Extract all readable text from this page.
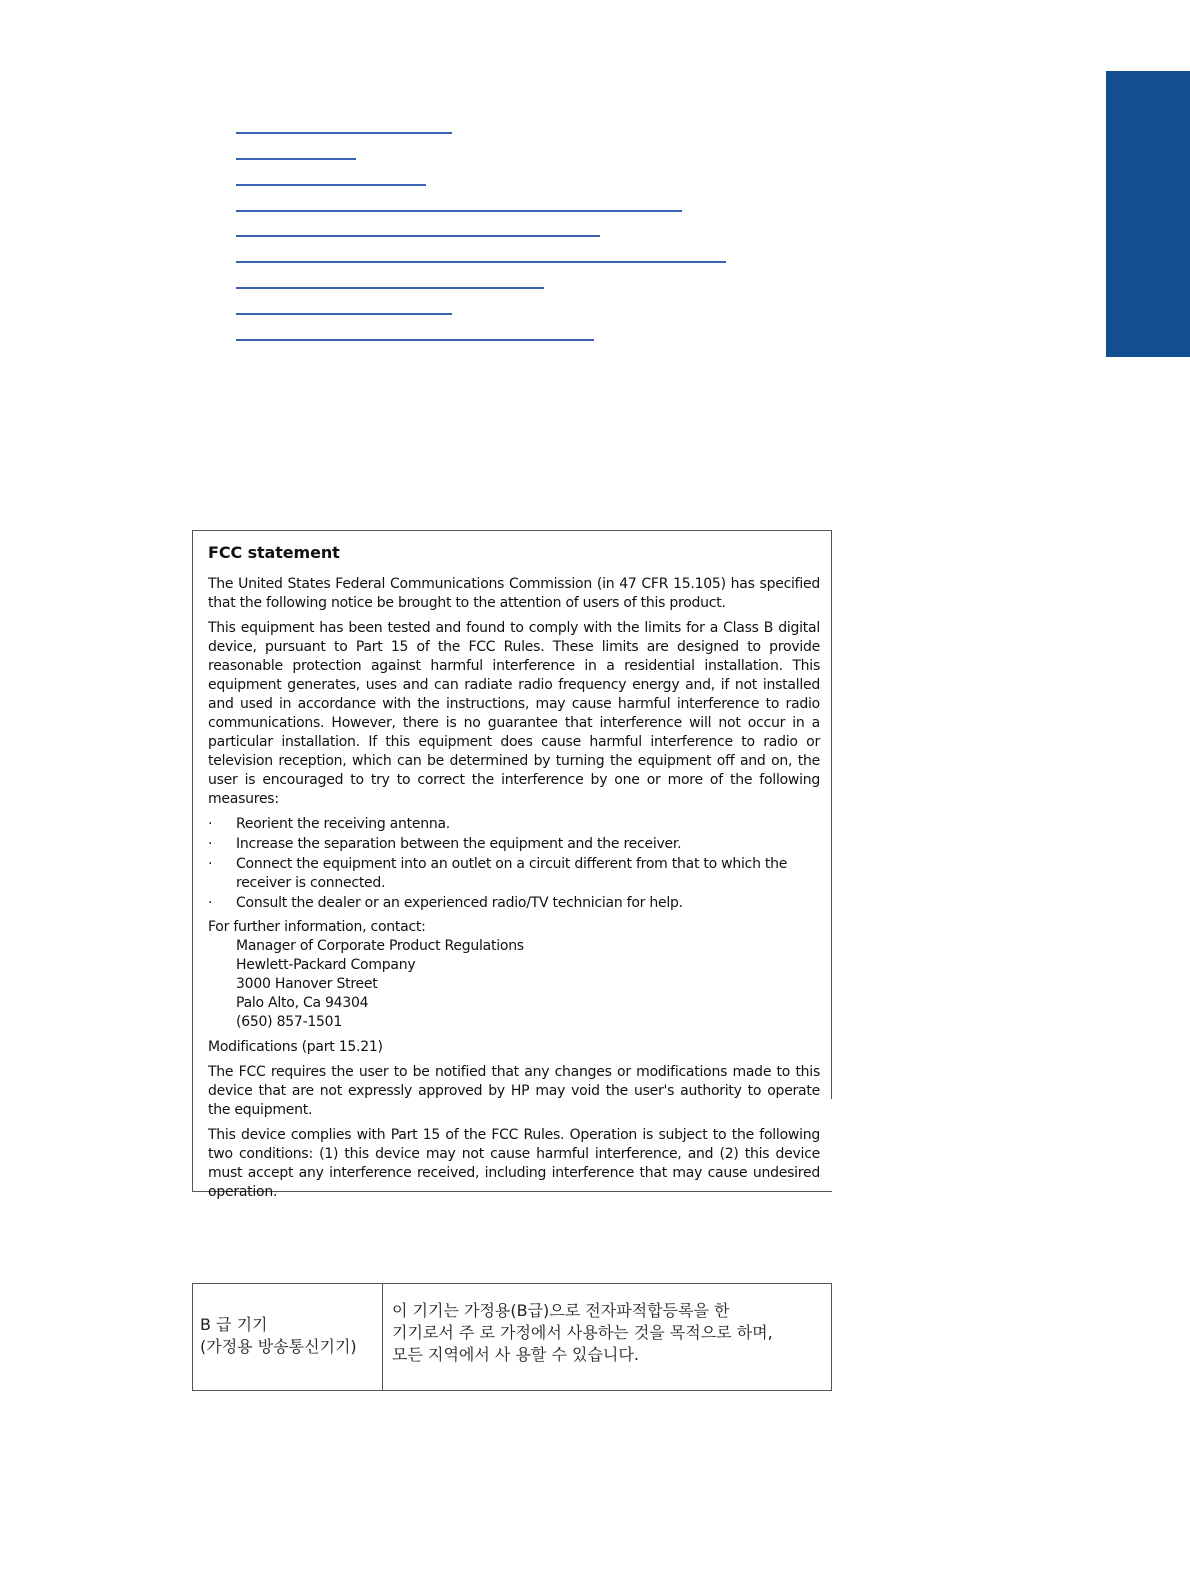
FCC statement

The United States Federal Communications Commission (in 47 CFR 15.105) has specified that the following notice be brought to the attention of users of this product.

This equipment has been tested and found to comply with the limits for a Class B digital device, pursuant to Part 15 of the FCC Rules. These limits are designed to provide reasonable protection against harmful interference in a residential installation. This equipment generates, uses and can radiate radio frequency energy and, if not installed and used in accordance with the instructions, may cause harmful interference to radio communications. However, there is no guarantee that interference will not occur in a particular installation. If this equipment does cause harmful interference to radio or television reception, which can be determined by turning the equipment off and on, the user is encouraged to try to correct the interference by one or more of the following measures:

· Reorient the receiving antenna.
· Increase the separation between the equipment and the receiver.
· Connect the equipment into an outlet on a circuit different from that to which the receiver is connected.
· Consult the dealer or an experienced radio/TV technician for help.

For further information, contact:

Manager of Corporate Product Regulations
Hewlett-Packard Company
3000 Hanover Street
Palo Alto, Ca 94304
(650) 857-1501

Modifications (part 15.21)

The FCC requires the user to be notified that any changes or modifications made to this device that are not expressly approved by HP may void the user's authority to operate the equipment.

This device complies with Part 15 of the FCC Rules. Operation is subject to the following two conditions: (1) this device may not cause harmful interference, and (2) this device must accept any interference received, including interference that may cause undesired operation.

B 급 기기
(가정용 방송통신기기)
이 기기는 가정용(B급)으로 전자파적합등록을 한
기기로서 주 로 가정에서 사용하는 것을 목적으로 하며,
모든 지역에서 사 용할 수 있습니다.
